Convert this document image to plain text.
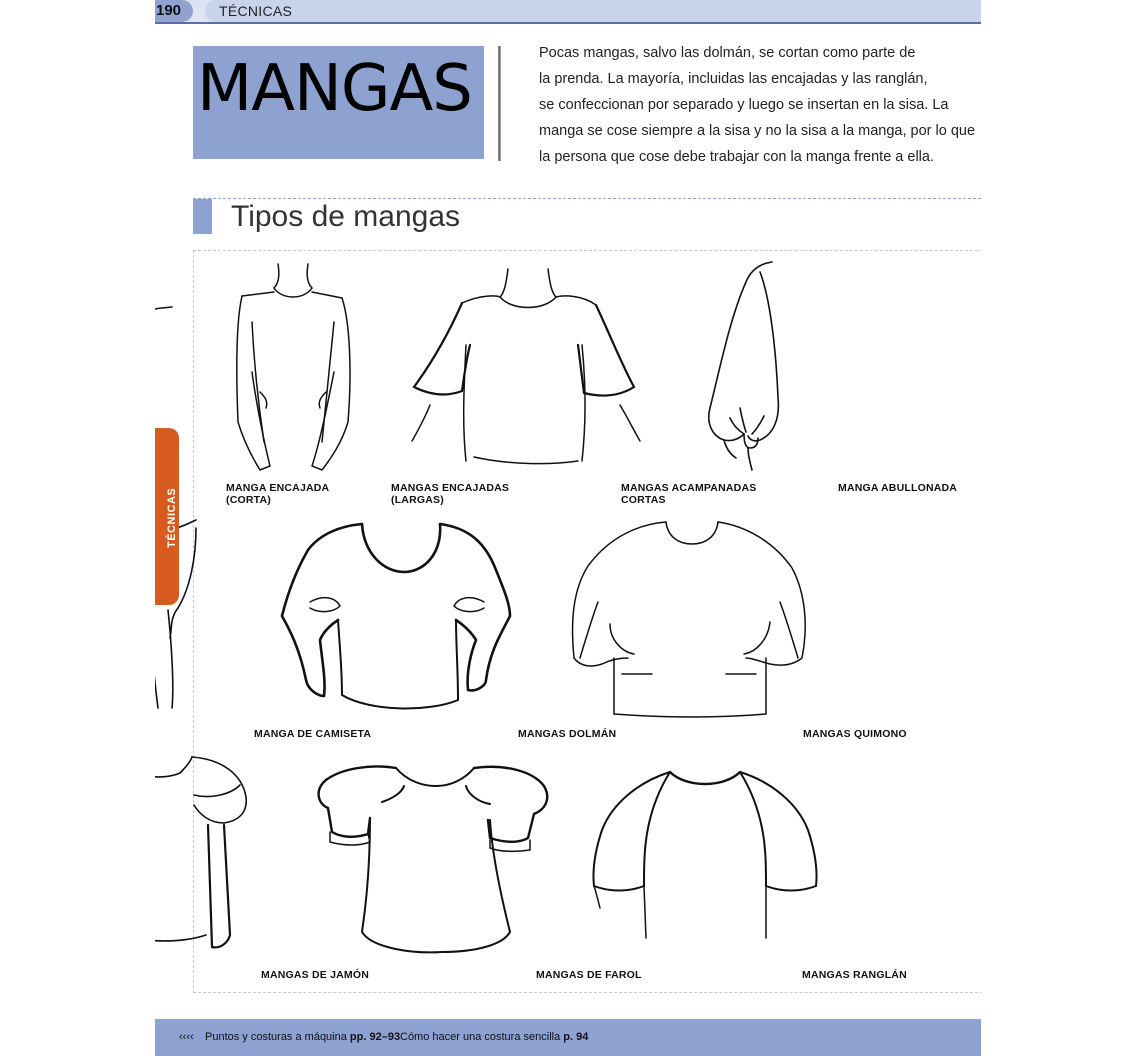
TÉCNICAS
190
MANGAS	Pocas mangas, salvo las dolmán, se cortan como parte de
la prenda. La mayoría, incluidas las encajadas y las ranglán,
se confeccionan por separado y luego se insertan en la sisa. La
manga se cose siempre a la sisa y no la sisa a la manga, por lo que
la persona que cose debe trabajar con la manga frente a ella.
Tipos de mangas
MANGA ENCAJADA
(CORTA)
MANGAS ENCAJADAS
(LARGAS)
MANGAS ACAMPANADAS
CORTAS
MANGA ABULLONADA
MANGA DE CAMISETA	MANGAS DOLMÁN	MANGAS QUIMONO
MANGAS DE JAMÓN	MANGAS DE FAROL	MANGAS RANGLÁN
‹‹‹‹ Puntos y costuras a máquina pp. 92–93 Cómo hacer una costura sencilla p. 94
TÉCNICAS
